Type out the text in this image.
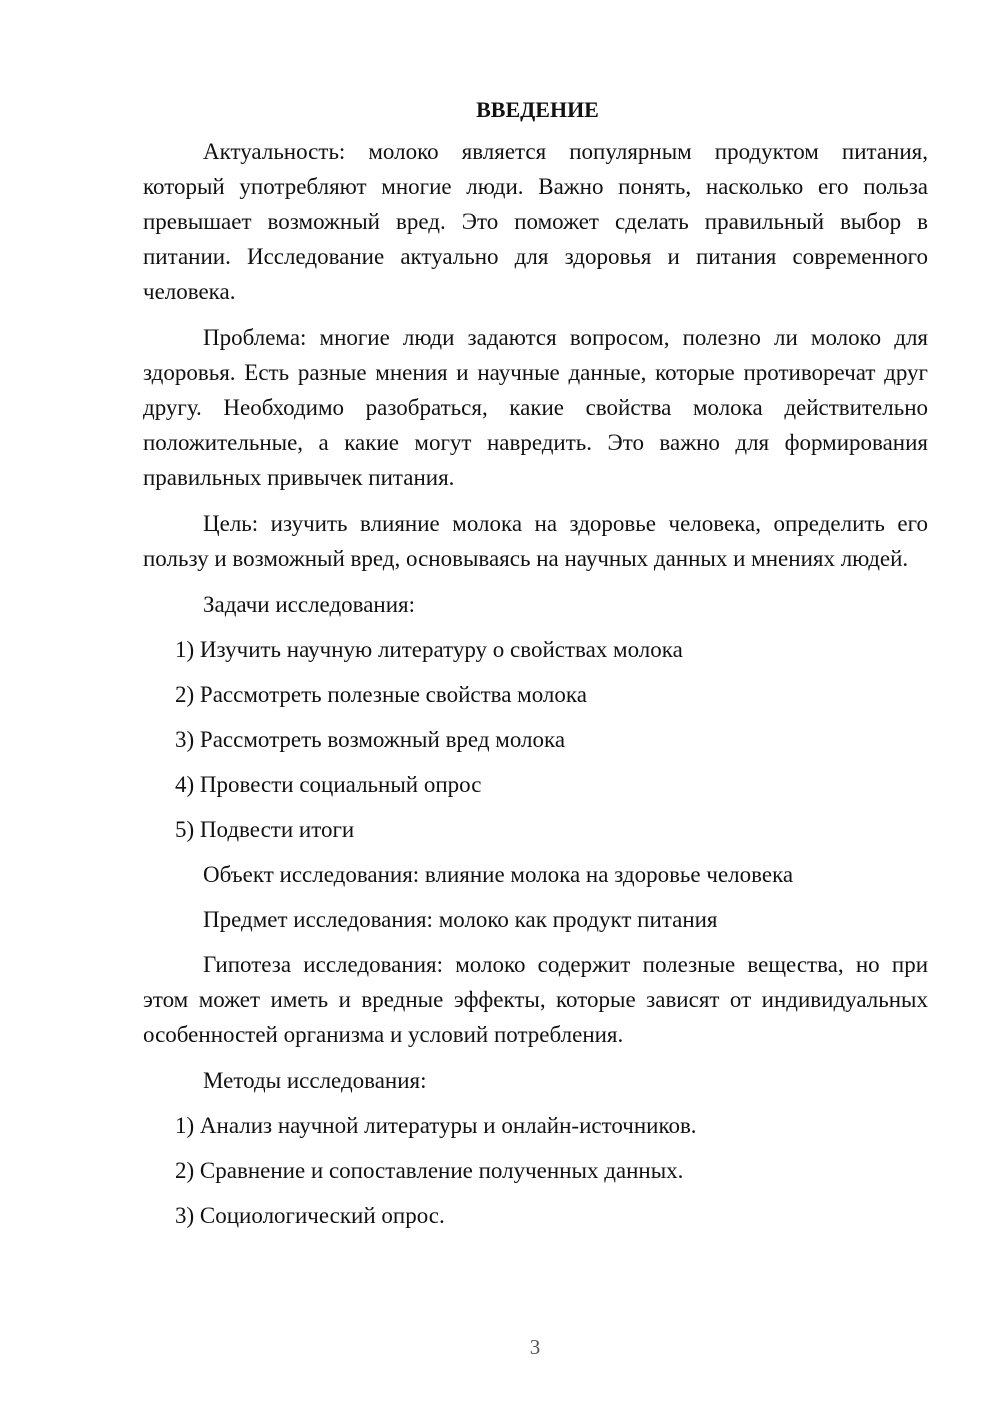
ВВЕДЕНИЕ

Актуальность: молоко является популярным продуктом питания, который употребляют многие люди. Важно понять, насколько его польза превышает возможный вред. Это поможет сделать правильный выбор в питании. Исследование актуально для здоровья и питания современного человека.

Проблема: многие люди задаются вопросом, полезно ли молоко для здоровья. Есть разные мнения и научные данные, которые противоречат друг другу. Необходимо разобраться, какие свойства молока действительно положительные, а какие могут навредить. Это важно для формирования правильных привычек питания.

Цель: изучить влияние молока на здоровье человека, определить его пользу и возможный вред, основываясь на научных данных и мнениях людей.

Задачи исследования:
1) Изучить научную литературу о свойствах молока
2) Рассмотреть полезные свойства молока
3) Рассмотреть возможный вред молока
4) Провести социальный опрос
5) Подвести итоги
Объект исследования: влияние молока на здоровье человека
Предмет исследования: молоко как продукт питания

Гипотеза исследования: молоко содержит полезные вещества, но при этом может иметь и вредные эффекты, которые зависят от индивидуальных особенностей организма и условий потребления.

Методы исследования:
1) Анализ научной литературы и онлайн-источников.
2) Сравнение и сопоставление полученных данных.
3) Социологический опрос.
3
